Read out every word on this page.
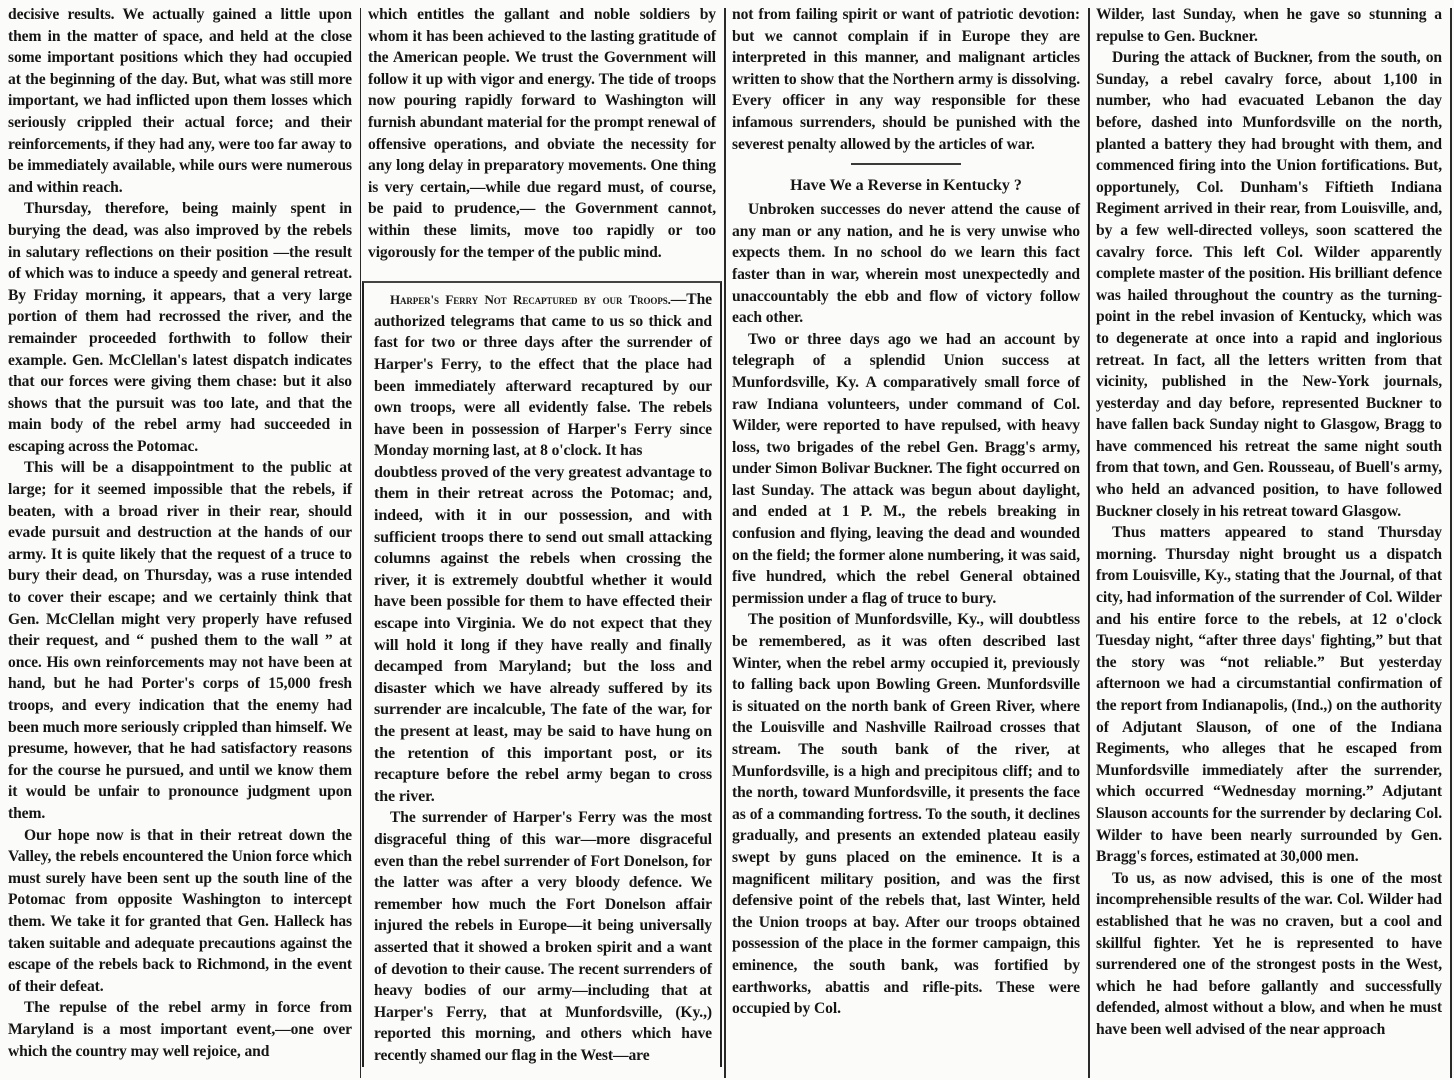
decisive results. We actually gained a little upon them in the matter of space, and held at the close some important positions which they had occupied at the beginning of the day. But, what was still more important, we had inflicted upon them losses which seriously crippled their actual force; and their reinforcements, if they had any, were too far away to be immediately available, while ours were numerous and within reach.

Thursday, therefore, being mainly spent in burying the dead, was also improved by the rebels in salutary reflections on their position —the result of which was to induce a speedy and general retreat. By Friday morning, it appears, that a very large portion of them had recrossed the river, and the remainder proceeded forthwith to follow their example. Gen. McClellan's latest dispatch indicates that our forces were giving them chase: but it also shows that the pursuit was too late, and that the main body of the rebel army had succeeded in escaping across the Potomac.

This will be a disappointment to the public at large; for it seemed impossible that the rebels, if beaten, with a broad river in their rear, should evade pursuit and destruction at the hands of our army. It is quite likely that the request of a truce to bury their dead, on Thursday, was a ruse intended to cover their escape; and we certainly think that Gen. McClellan might very properly have refused their request, and “ pushed them to the wall ” at once. His own reinforcements may not have been at hand, but he had Porter's corps of 15,000 fresh troops, and every indication that the enemy had been much more seriously crippled than himself. We presume, however, that he had satisfactory reasons for the course he pursued, and until we know them it would be unfair to pronounce judgment upon them.

Our hope now is that in their retreat down the Valley, the rebels encountered the Union force which must surely have been sent up the south line of the Potomac from opposite Washington to intercept them. We take it for granted that Gen. Halleck has taken suitable and adequate precautions against the escape of the rebels back to Richmond, in the event of their defeat.

The repulse of the rebel army in force from Maryland is a most important event,—one over which the country may well rejoice, and

which entitles the gallant and noble soldiers by whom it has been achieved to the lasting gratitude of the American people. We trust the Government will follow it up with vigor and energy. The tide of troops now pouring rapidly forward to Washington will furnish abundant material for the prompt renewal of offensive operations, and obviate the necessity for any long delay in preparatory movements. One thing is very certain,—while due regard must, of course, be paid to prudence,— the Government cannot, within these limits, move too rapidly or too vigorously for the temper of the public mind.

Harper's Ferry Not Recaptured by our Troops.—The authorized telegrams that came to us so thick and fast for two or three days after the surrender of Harper's Ferry, to the effect that the place had been immediately afterward recaptured by our own troops, were all evidently false. The rebels have been in possession of Harper's Ferry since Monday morning last, at 8 o'clock. It has

doubtless proved of the very greatest advantage to them in their retreat across the Potomac; and, indeed, with it in our possession, and with sufficient troops there to send out small attacking columns against the rebels when crossing the river, it is extremely doubtful whether it would have been possible for them to have effected their escape into Virginia. We do not expect that they will hold it long if they have really and finally decamped from Maryland; but the loss and disaster which we have already suffered by its surrender are incalcuble, The fate of the war, for the present at least, may be said to have hung on the retention of this important post, or its recapture before the rebel army began to cross the river.

The surrender of Harper's Ferry was the most disgraceful thing of this war—more disgraceful even than the rebel surrender of Fort Donelson, for the latter was after a very bloody defence. We remember how much the Fort Donelson affair injured the rebels in Europe—it being universally asserted that it showed a broken spirit and a want of devotion to their cause. The recent surrenders of heavy bodies of our army—including that at Harper's Ferry, that at Munfordsville, (Ky.,) reported this morning, and others which have recently shamed our flag in the West—are

not from failing spirit or want of patriotic devotion: but we cannot complain if in Europe they are interpreted in this manner, and malignant articles written to show that the Northern army is dissolving. Every officer in any way responsible for these infamous surrenders, should be punished with the severest penalty allowed by the articles of war.

Have We a Reverse in Kentucky ?

Unbroken successes do never attend the cause of any man or any nation, and he is very unwise who expects them. In no school do we learn this fact faster than in war, wherein most unexpectedly and unaccountably the ebb and flow of victory follow each other.

Two or three days ago we had an account by telegraph of a splendid Union success at Munfordsville, Ky. A comparatively small force of raw Indiana volunteers, under command of Col. Wilder, were reported to have repulsed, with heavy loss, two brigades of the rebel Gen. Bragg's army, under Simon Bolivar Buckner. The fight occurred on last Sunday. The attack was begun about daylight, and ended at 1 P. M., the rebels breaking in confusion and flying, leaving the dead and wounded on the field; the former alone numbering, it was said, five hundred, which the rebel General obtained permission under a flag of truce to bury.

The position of Munfordsville, Ky., will doubtless be remembered, as it was often described last Winter, when the rebel army occupied it, previously to falling back upon Bowling Green. Munfordsville is situated on the north bank of Green River, where the Louisville and Nashville Railroad crosses that stream. The south bank of the river, at Munfordsville, is a high and precipitous cliff; and to the north, toward Munfordsville, it presents the face as of a commanding fortress. To the south, it declines gradually, and presents an extended plateau easily swept by guns placed on the eminence. It is a magnificent military position, and was the first defensive point of the rebels that, last Winter, held the Union troops at bay. After our troops obtained possession of the place in the former campaign, this eminence, the south bank, was fortified by earthworks, abattis and rifle-pits. These were occupied by Col.

Wilder, last Sunday, when he gave so stunning a repulse to Gen. Buckner.

During the attack of Buckner, from the south, on Sunday, a rebel cavalry force, about 1,100 in number, who had evacuated Lebanon the day before, dashed into Munfordsville on the north, planted a battery they had brought with them, and commenced firing into the Union fortifications. But, opportunely, Col. Dunham's Fiftieth Indiana Regiment arrived in their rear, from Louisville, and, by a few well-directed volleys, soon scattered the cavalry force. This left Col. Wilder apparently complete master of the position. His brilliant defence was hailed throughout the country as the turning-point in the rebel invasion of Kentucky, which was to degenerate at once into a rapid and inglorious retreat. In fact, all the letters written from that vicinity, published in the New-York journals, yesterday and day before, represented Buckner to have fallen back Sunday night to Glasgow, Bragg to have commenced his retreat the same night south from that town, and Gen. Rousseau, of Buell's army, who held an advanced position, to have followed Buckner closely in his retreat toward Glasgow.

Thus matters appeared to stand Thursday morning. Thursday night brought us a dispatch from Louisville, Ky., stating that the Journal, of that city, had information of the surrender of Col. Wilder and his entire force to the rebels, at 12 o'clock Tuesday night, “after three days' fighting,” but that the story was “not reliable.” But yesterday afternoon we had a circumstantial confirmation of the report from Indianapolis, (Ind.,) on the authority of Adjutant Slauson, of one of the Indiana Regiments, who alleges that he escaped from Munfordsville immediately after the surrender, which occurred “Wednesday morning.” Adjutant Slauson accounts for the surrender by declaring Col. Wilder to have been nearly surrounded by Gen. Bragg's forces, estimated at 30,000 men.

To us, as now advised, this is one of the most incomprehensible results of the war. Col. Wilder had established that he was no craven, but a cool and skillful fighter. Yet he is represented to have surrendered one of the strongest posts in the West, which he had before gallantly and successfully defended, almost without a blow, and when he must have been well advised of the near approach
